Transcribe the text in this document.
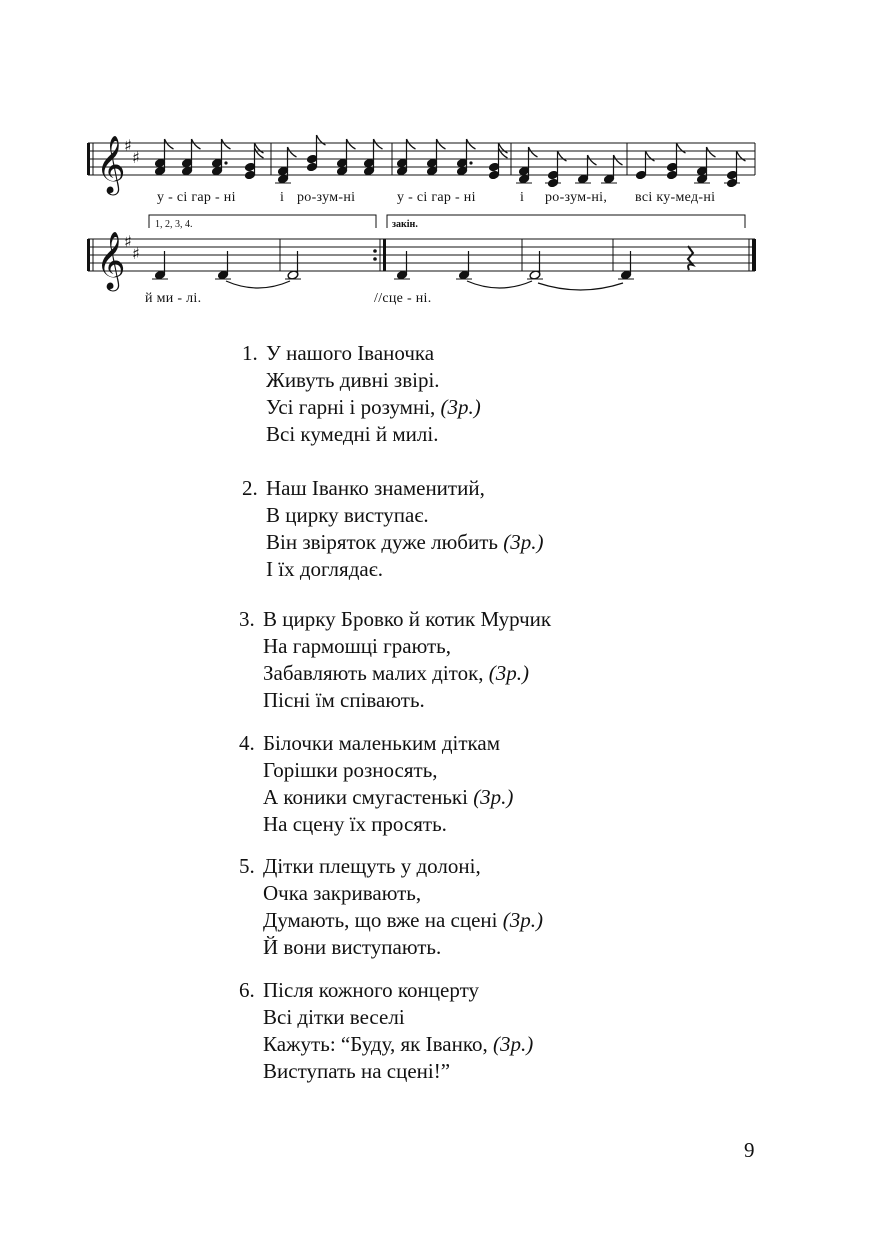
𝄞
♯
♯
𝄞
♯
♯
у - сі гар - ні	і ро-зум-ні	у - сі гар - ні	і ро-зум-ні, всі ку-мед-ні
1, 2, 3, 4.	закін.
й ми - лі.	//сце - ні.
1. У нашого Іваночка
Живуть дивні звірі.
Усі гарні і розумні, (3р.)
Всі кумедні й милі.
2. Наш Іванко знаменитий,
В цирку виступає.
Він звіряток дуже любить (3р.)
І їх доглядає.
3. В цирку Бровко й котик Мурчик
На гармошці грають,
Забавляють малих діток, (3р.)
Пісні їм співають.
4. Білочки маленьким діткам
Горішки розносять,
А коники смугастенькі (3р.)
На сцену їх просять.
5. Дітки плещуть у долоні,
Очка закривають,
Думають, що вже на сцені (3р.)
Й вони виступають.
6. Після кожного концерту
Всі дітки веселі
Кажуть: “Буду, як Іванко, (3р.)
Виступать на сцені!”
9
